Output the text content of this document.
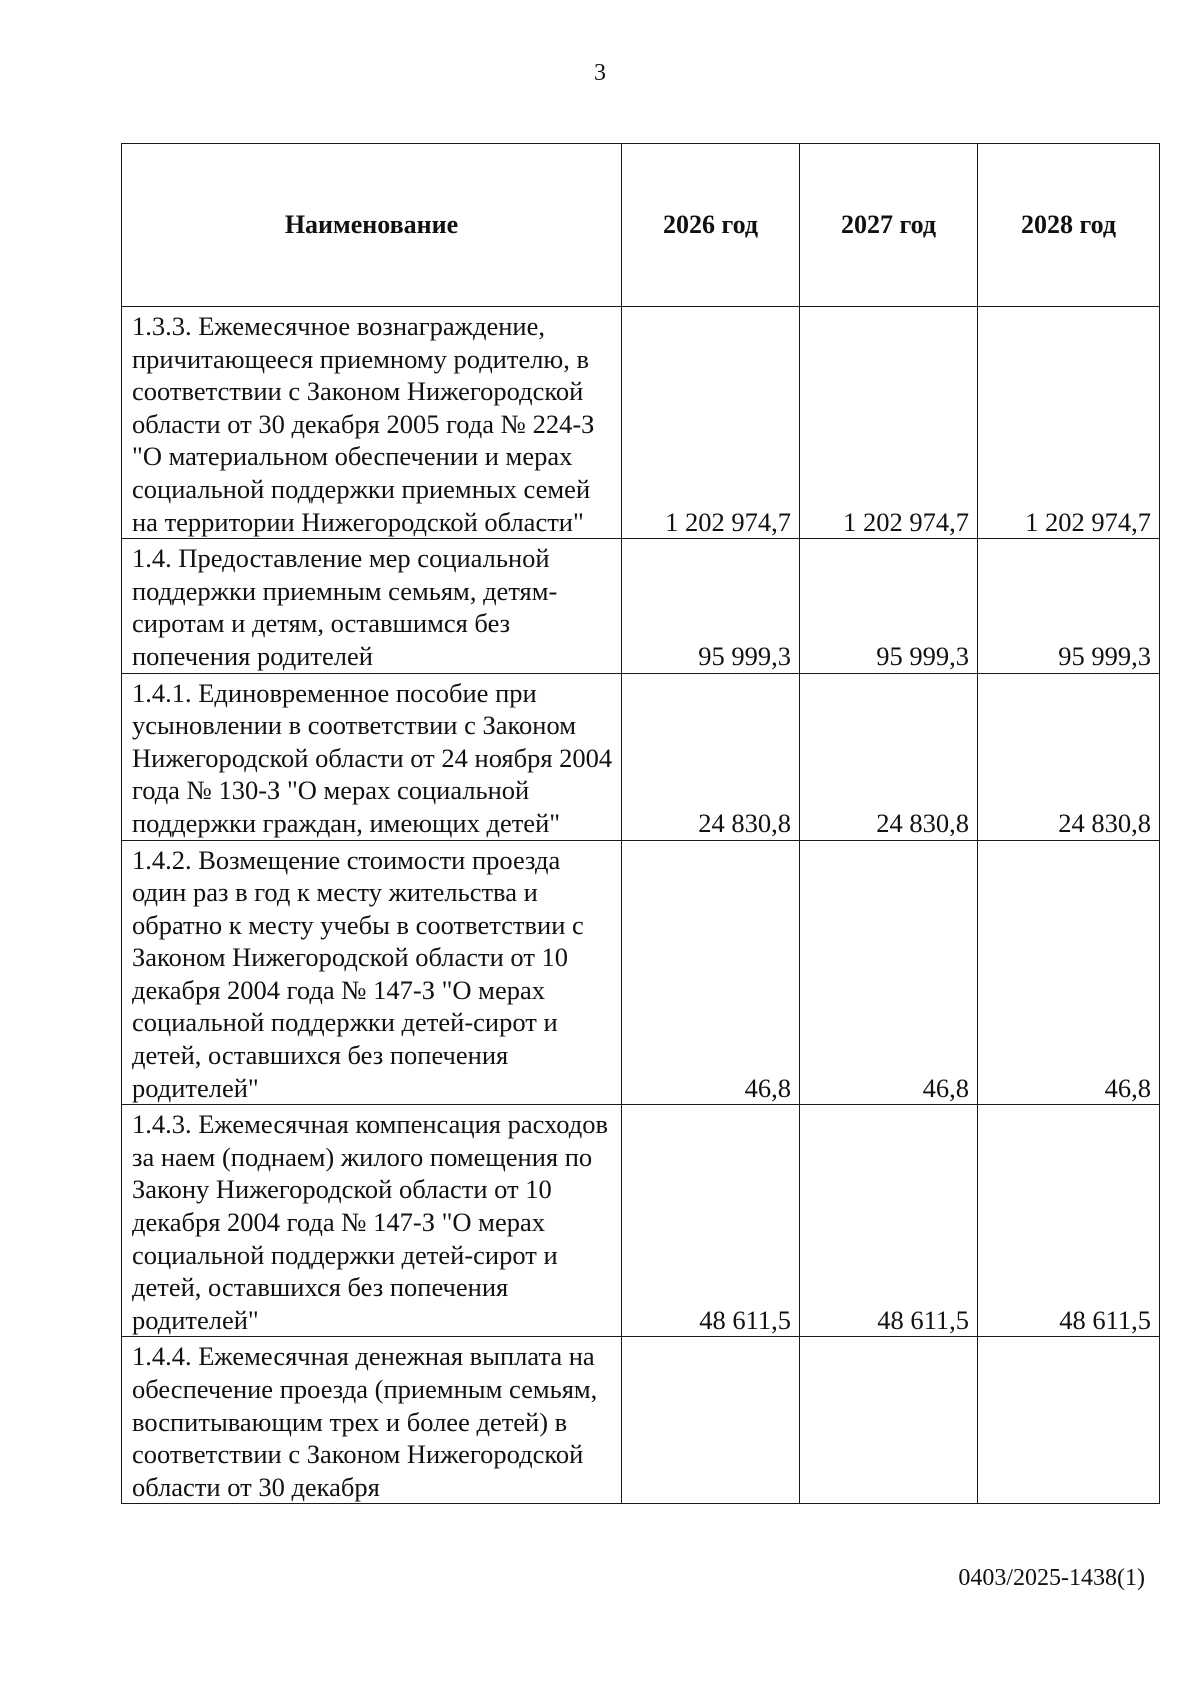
3
Наименование	2026 год	2027 год	2028 год
1.3.3. Ежемесячное вознаграждение, причитающееся приемному родителю, в соответствии с Законом Нижегородской области от 30 декабря 2005 года № 224-З "О материальном обеспечении и мерах социальной поддержки приемных семей на территории Нижегородской области"	1 202 974,7	1 202 974,7	1 202 974,7
1.4. Предоставление мер социальной поддержки приемным семьям, детям-сиротам и детям, оставшимся без попечения родителей	95 999,3	95 999,3	95 999,3
1.4.1. Единовременное пособие при усыновлении в соответствии с Законом Нижегородской области от 24 ноября 2004 года № 130-З "О мерах социальной поддержки граждан, имеющих детей"	24 830,8	24 830,8	24 830,8
1.4.2. Возмещение стоимости проезда один раз в год к месту жительства и обратно к месту учебы в соответствии с Законом Нижегородской области от 10 декабря 2004 года № 147-З "О мерах социальной поддержки детей-сирот и детей, оставшихся без попечения родителей"	46,8	46,8	46,8
1.4.3. Ежемесячная компенсация расходов за наем (поднаем) жилого помещения по Закону Нижегородской области от 10 декабря 2004 года № 147-З "О мерах социальной поддержки детей-сирот и детей, оставшихся без попечения родителей"	48 611,5	48 611,5	48 611,5
1.4.4. Ежемесячная денежная выплата на обеспечение проезда (приемным семьям, воспитывающим трех и более детей) в соответствии с Законом Нижегородской области от 30 декабря			
0403/2025-1438(1)
